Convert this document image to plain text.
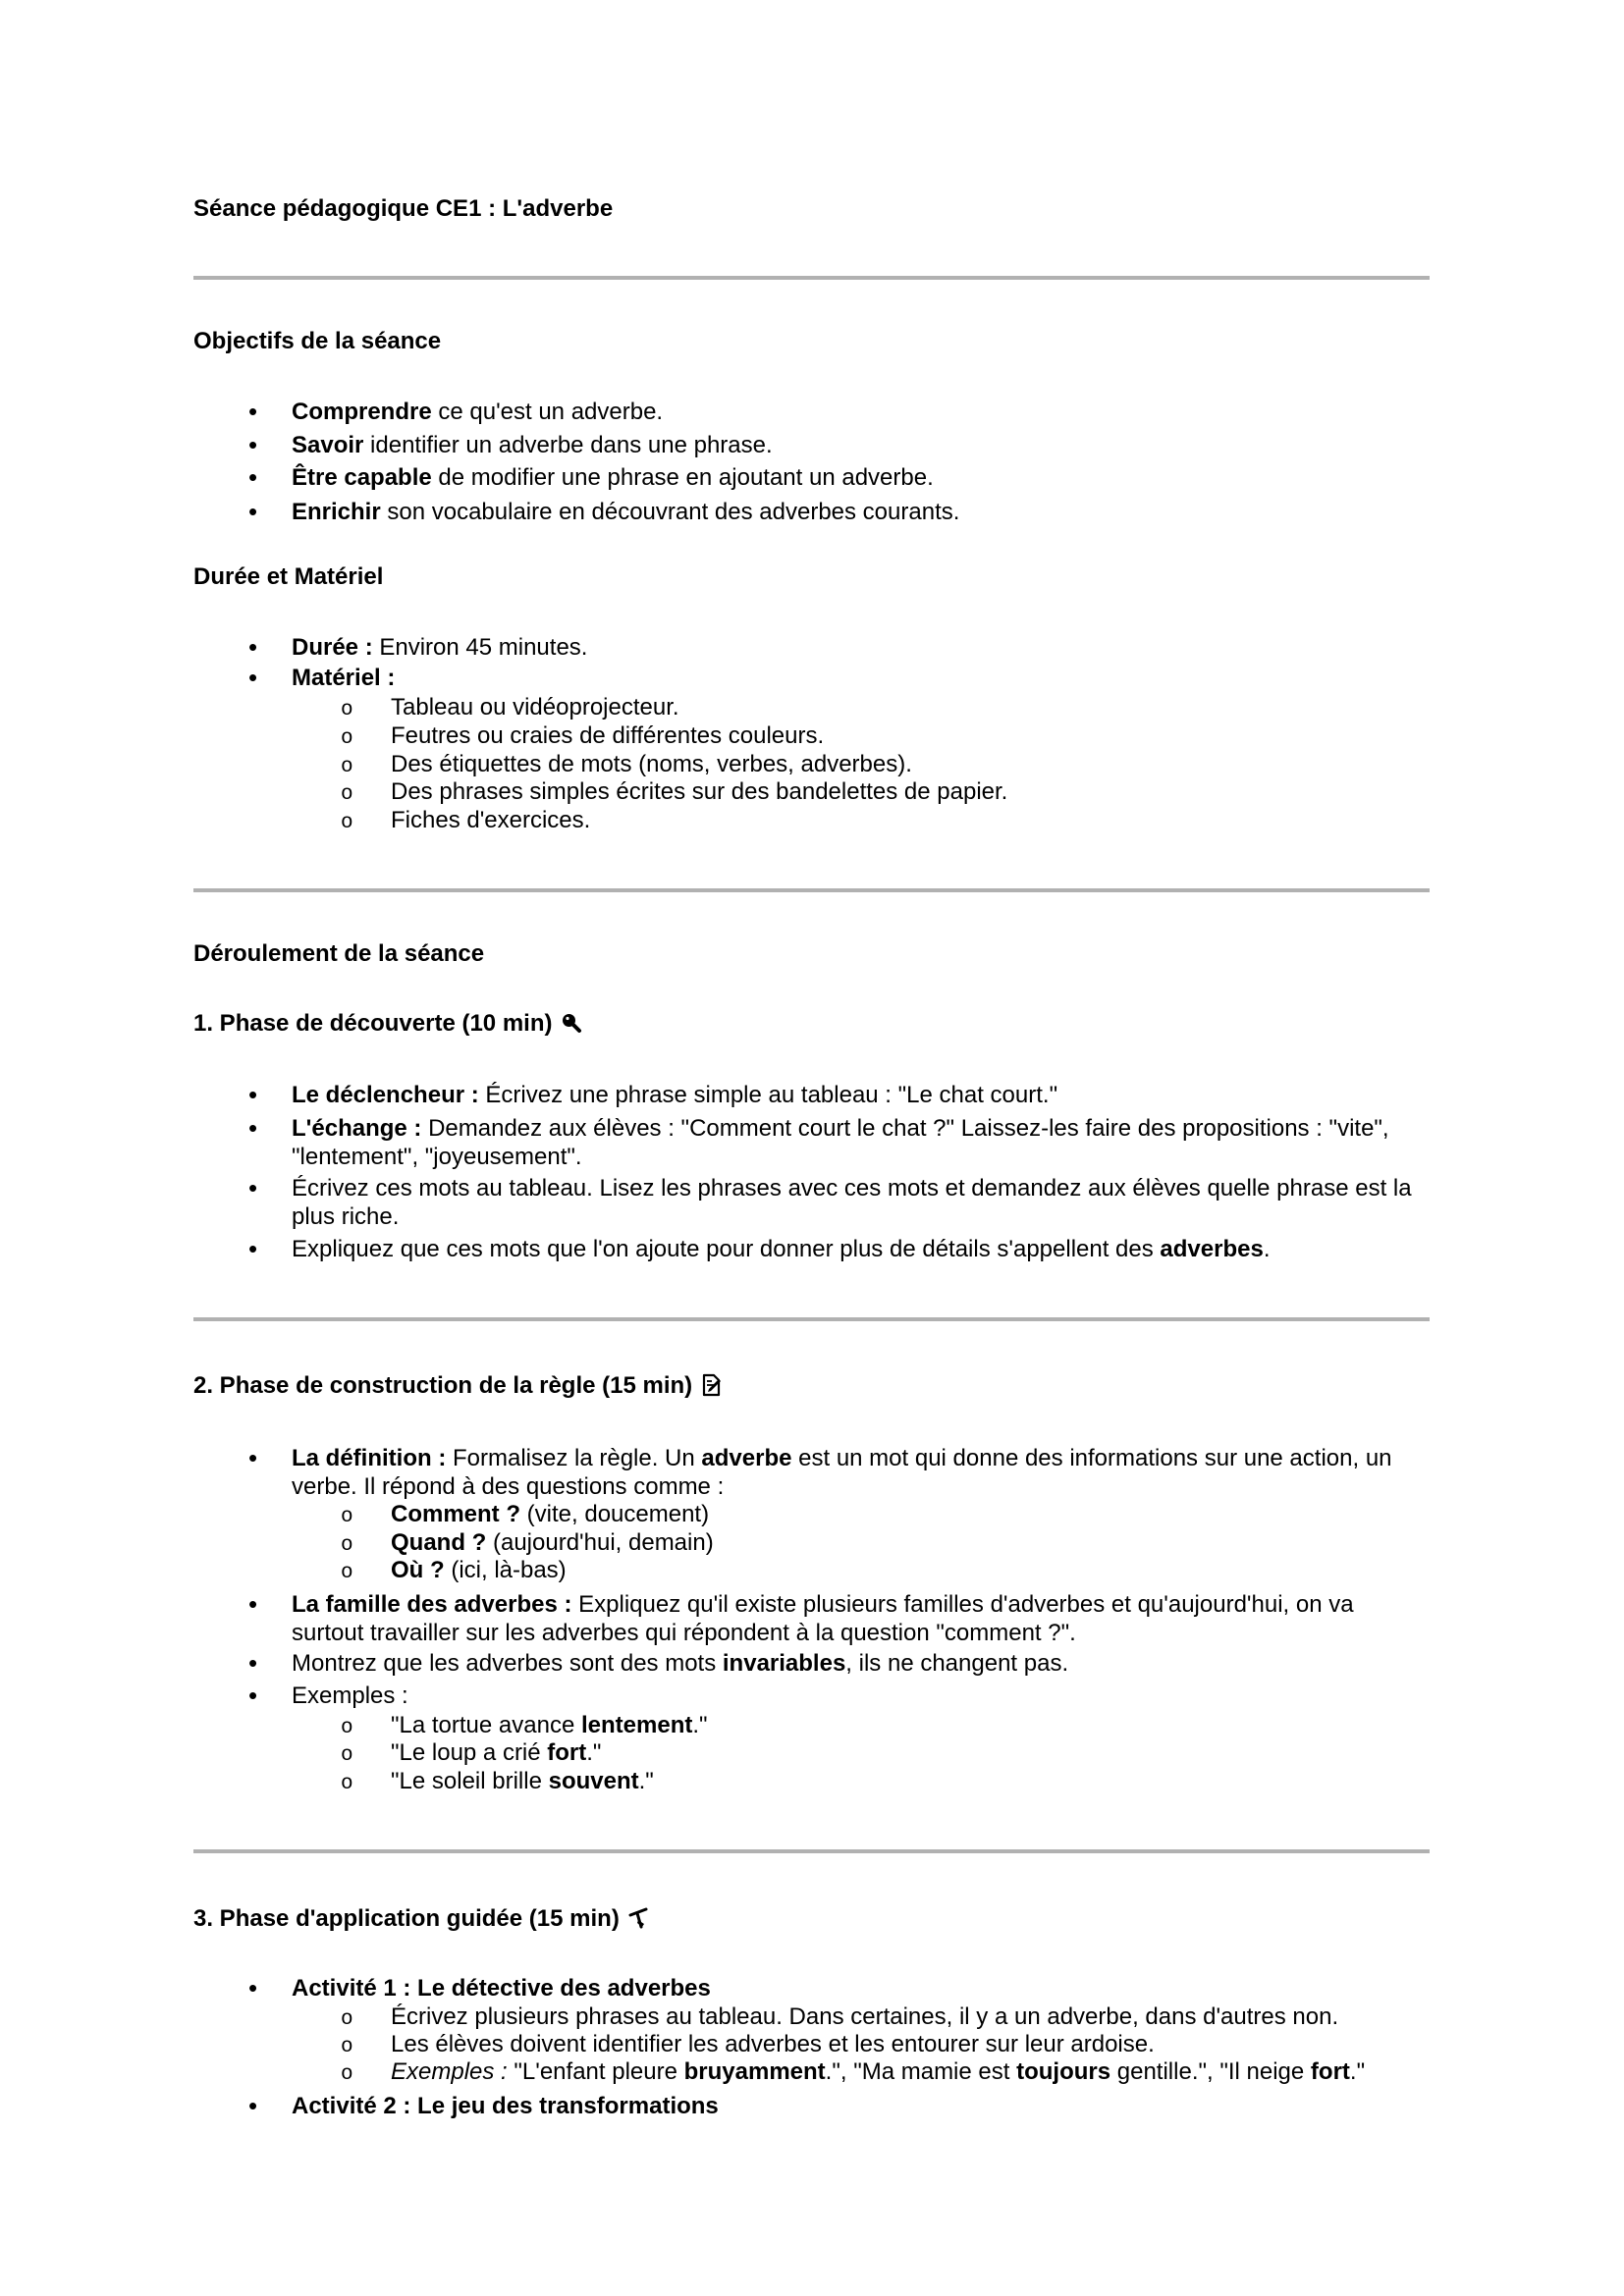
Séance pédagogique CE1 : L'adverbe
Objectifs de la séance
•
Comprendre ce qu'est un adverbe.
•
Savoir identifier un adverbe dans une phrase.
•
Être capable de modifier une phrase en ajoutant un adverbe.
•
Enrichir son vocabulaire en découvrant des adverbes courants.
Durée et Matériel
•
Durée : Environ 45 minutes.
•
Matériel :
o
Tableau ou vidéoprojecteur.
o
Feutres ou craies de différentes couleurs.
o
Des étiquettes de mots (noms, verbes, adverbes).
o
Des phrases simples écrites sur des bandelettes de papier.
o
Fiches d'exercices.
Déroulement de la séance
1. Phase de découverte (10 min)
•
Le déclencheur : Écrivez une phrase simple au tableau : "Le chat court."
•
L'échange : Demandez aux élèves : "Comment court le chat ?" Laissez-les faire des propositions : "vite", "lentement", "joyeusement".
•
Écrivez ces mots au tableau. Lisez les phrases avec ces mots et demandez aux élèves quelle phrase est la plus riche.
•
Expliquez que ces mots que l'on ajoute pour donner plus de détails s'appellent des adverbes.
2. Phase de construction de la règle (15 min)
•
La définition : Formalisez la règle. Un adverbe est un mot qui donne des informations sur une action, un verbe. Il répond à des questions comme :
o
Comment ? (vite, doucement)
o
Quand ? (aujourd'hui, demain)
o
Où ? (ici, là-bas)
•
La famille des adverbes : Expliquez qu'il existe plusieurs familles d'adverbes et qu'aujourd'hui, on va surtout travailler sur les adverbes qui répondent à la question "comment ?".
•
Montrez que les adverbes sont des mots invariables, ils ne changent pas.
•
Exemples :
o
"La tortue avance lentement."
o
"Le loup a crié fort."
o
"Le soleil brille souvent."
3. Phase d'application guidée (15 min)
•
Activité 1 : Le détective des adverbes
o
Écrivez plusieurs phrases au tableau. Dans certaines, il y a un adverbe, dans d'autres non.
o
Les élèves doivent identifier les adverbes et les entourer sur leur ardoise.
o
Exemples : "L'enfant pleure bruyamment.", "Ma mamie est toujours gentille.", "Il neige fort."
•
Activité 2 : Le jeu des transformations
